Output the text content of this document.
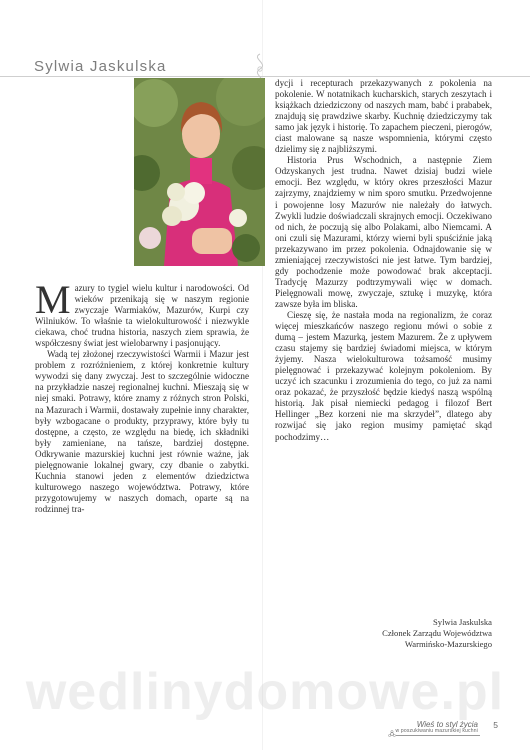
Sylwia Jaskulska

Mazury to tygiel wielu kultur i narodowości. Od wieków przenikają się w naszym regionie zwyczaje Warmiaków, Mazurów, Kurpi czy Wilniuków. To właśnie ta wielokulturowość i niezwykle ciekawa, choć trudna historia, naszych ziem sprawia, że współczesny świat jest wielobarwny i pasjonujący.

Wadą tej złożonej rzeczywistości Warmii i Mazur jest problem z rozróżnieniem, z której konkretnie kultury wywodzi się dany zwyczaj. Jest to szczególnie widoczne na przykładzie naszej regionalnej kuchni. Mieszają się w niej smaki. Potrawy, które znamy z różnych stron Polski, na Mazurach i Warmii, dostawały zupełnie inny charakter, były wzbogacane o produkty, przyprawy, które były tu dostępne, a często, ze względu na biedę, ich składniki były zamieniane, na tańsze, bardziej dostępne. Odkrywanie mazurskiej kuchni jest równie ważne, jak pielęgnowanie lokalnej gwary, czy dbanie o zabytki. Kuchnia stanowi jeden z elementów dziedzictwa kulturowego naszego województwa. Potrawy, które przygotowujemy w naszych domach, oparte są na rodzinnej tra-

dycji i recepturach przekazywanych z pokolenia na pokolenie. W notatnikach kucharskich, starych zeszytach i książkach dziedziczony od naszych mam, babć i prababek, znajdują się prawdziwe skarby. Kuchnię dziedziczymy tak samo jak język i historię. To zapachem pieczeni, pierogów, ciast malowane są nasze wspomnienia, którymi często dzielimy się z najbliższymi.

Historia Prus Wschodnich, a następnie Ziem Odzyskanych jest trudna. Nawet dzisiaj budzi wiele emocji. Bez względu, w który okres przeszłości Mazur zajrzymy, znajdziemy w nim sporo smutku. Przedwojenne i powojenne losy Mazurów nie należały do łatwych. Zwykli ludzie doświadczali skrajnych emocji. Oczekiwano od nich, że poczują się albo Polakami, albo Niemcami. A oni czuli się Mazurami, którzy wierni byli spuściźnie jaką przekazywano im przez pokolenia. Odnajdowanie się w zmieniającej rzeczywistości nie jest łatwe. Tym bardziej, gdy pochodzenie może powodować brak akceptacji. Tradycję Mazurzy podtrzymywali więc w domach. Pielęgnowali mowę, zwyczaje, sztukę i muzykę, która zawsze była im bliska.

Cieszę się, że nastała moda na regionalizm, że coraz więcej mieszkańców naszego regionu mówi o sobie z dumą – jestem Mazurką, jestem Mazurem. Że z upływem czasu stajemy się bardziej świadomi miejsca, w którym żyjemy. Nasza wielokulturowa tożsamość musimy pielęgnować i przekazywać kolejnym pokoleniom. By uczyć ich szacunku i zrozumienia do tego, co już za nami oraz pokazać, że przyszłość będzie kiedyś naszą wspólną historią. Jak pisał niemiecki pedagog i filozof Bert Hellinger „Bez korzeni nie ma skrzydeł”, dlatego aby rozwijać się jako region musimy pamiętać skąd pochodzimy…

Sylwia Jaskulska
Członek Zarządu Województwa
Warmińsko-Mazurskiego
wedlinydomowe.pl
Wieś to styl życia
w poszukiwaniu mazurskiej kuchni
5
